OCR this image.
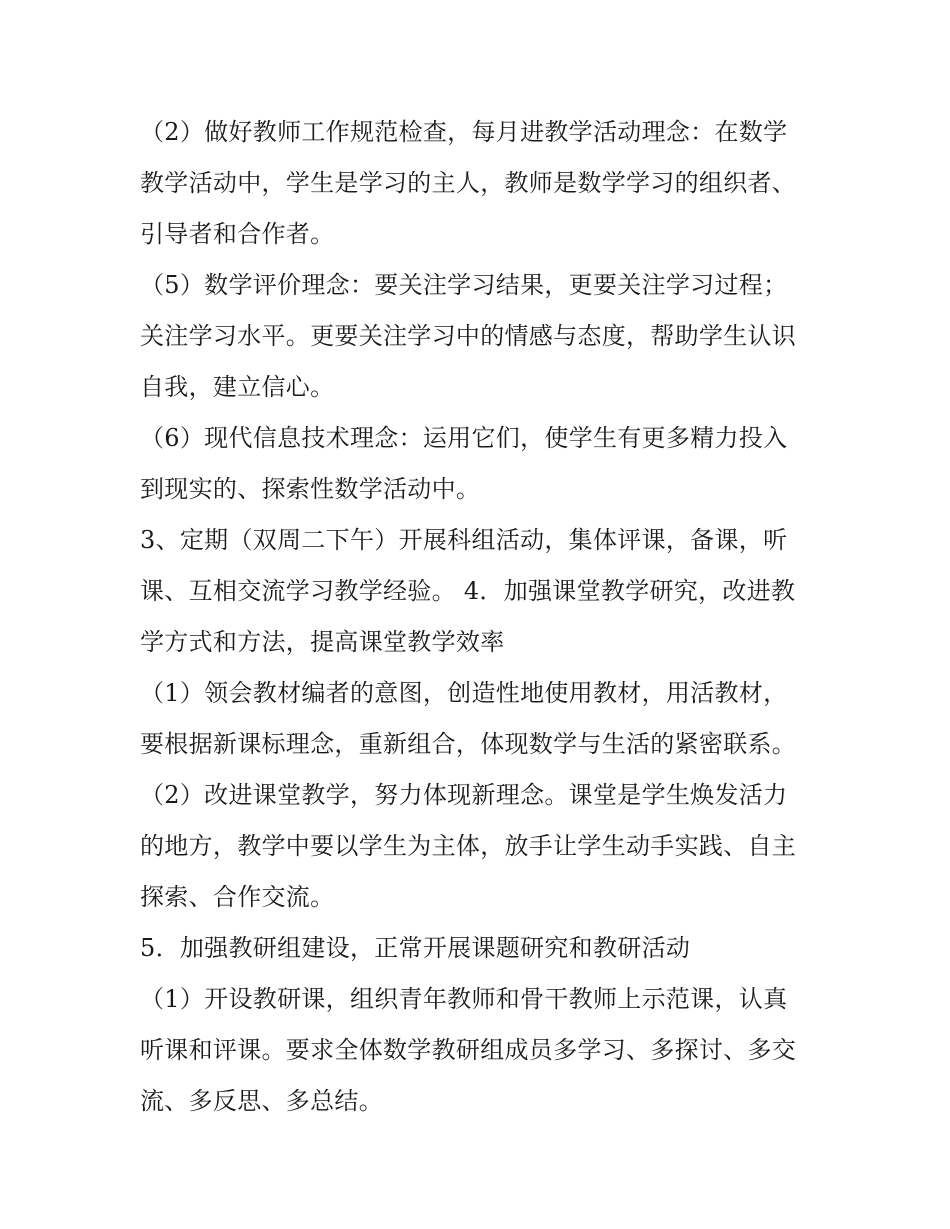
（2）做好教师工作规范检查，每月进教学活动理念：在数学
教学活动中，学生是学习的主人，教师是数学学习的组织者、
引导者和合作者。
（5）数学评价理念：要关注学习结果，更要关注学习过程；
关注学习水平。更要关注学习中的情感与态度，帮助学生认识
自我，建立信心。
（6）现代信息技术理念：运用它们，使学生有更多精力投入
到现实的、探索性数学活动中。
3、定期（双周二下午）开展科组活动，集体评课，备课，听
课、互相交流学习教学经验。 4．加强课堂教学研究，改进教
学方式和方法，提高课堂教学效率
（1）领会教材编者的意图，创造性地使用教材，用活教材，
要根据新课标理念，重新组合，体现数学与生活的紧密联系。
（2）改进课堂教学，努力体现新理念。课堂是学生焕发活力
的地方，教学中要以学生为主体，放手让学生动手实践、自主
探索、合作交流。
5．加强教研组建设，正常开展课题研究和教研活动
（1）开设教研课，组织青年教师和骨干教师上示范课，认真
听课和评课。要求全体数学教研组成员多学习、多探讨、多交
流、多反思、多总结。
